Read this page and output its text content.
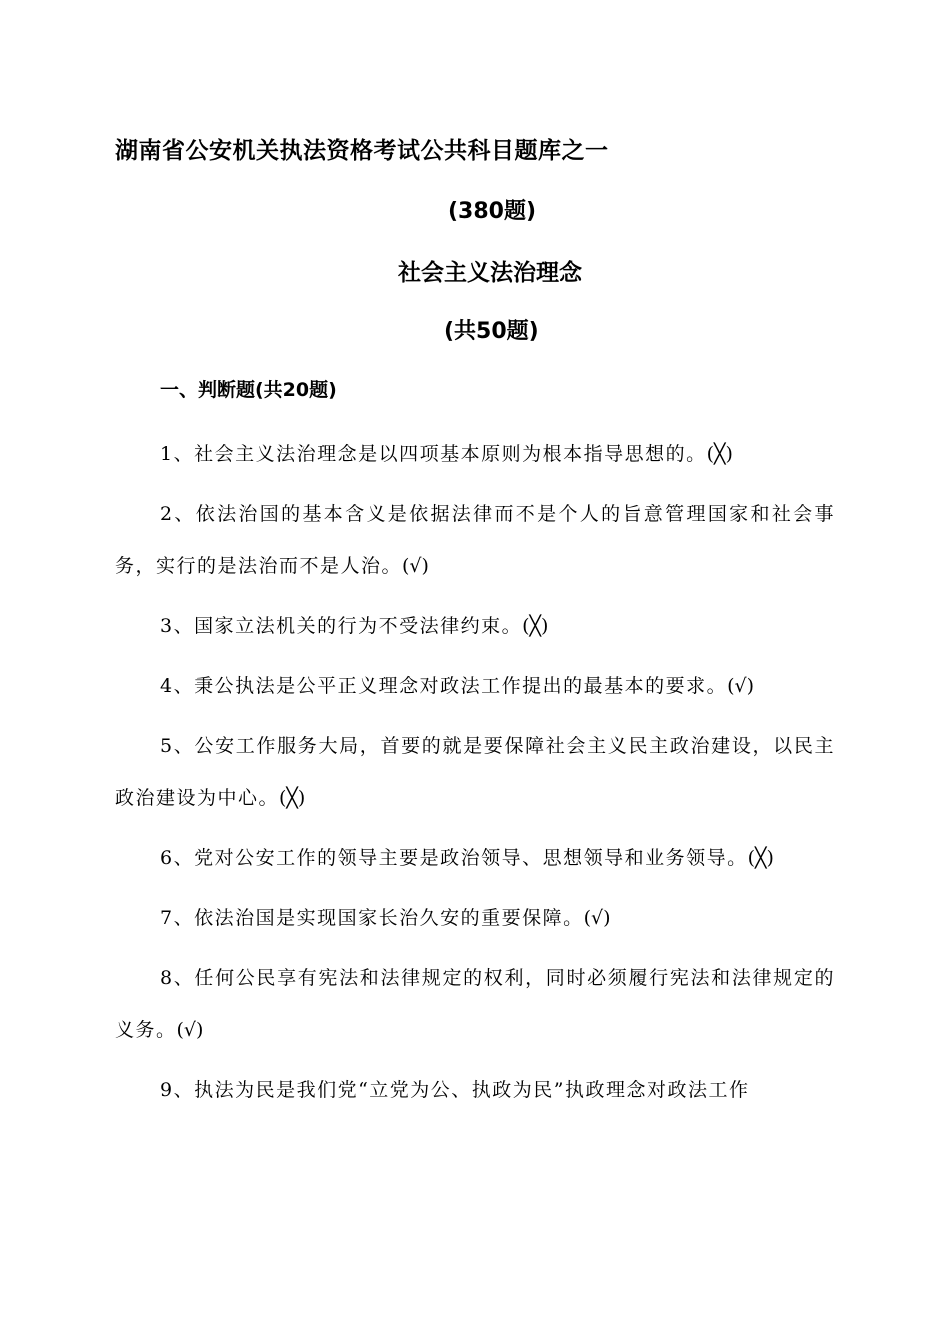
湖南省公安机关执法资格考试公共科目题库之一
(380题)
社会主义法治理念
(共50题)
一、判断题(共20题)

1、社会主义法治理念是以四项基本原则为根本指导思想的。(╳)

2、依法治国的基本含义是依据法律而不是个人的旨意管理国家和社会事务，实行的是法治而不是人治。(√)

3、国家立法机关的行为不受法律约束。(╳)

4、秉公执法是公平正义理念对政法工作提出的最基本的要求。(√)

5、公安工作服务大局，首要的就是要保障社会主义民主政治建设，以民主政治建设为中心。(╳)

6、党对公安工作的领导主要是政治领导、思想领导和业务领导。(╳)

7、依法治国是实现国家长治久安的重要保障。(√)

8、任何公民享有宪法和法律规定的权利，同时必须履行宪法和法律规定的义务。(√)

9、执法为民是我们党“立党为公、执政为民”执政理念对政法工作
